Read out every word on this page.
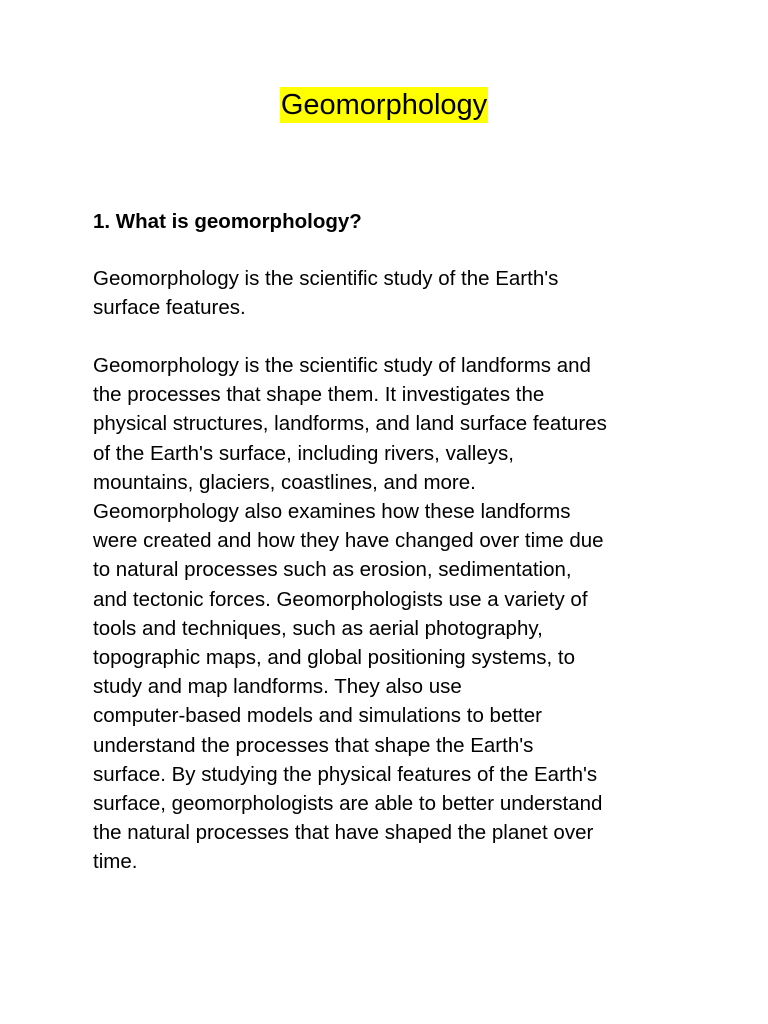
Geomorphology
1. What is geomorphology?
Geomorphology is the scientific study of the Earth's
surface features.
Geomorphology is the scientific study of landforms and
the processes that shape them. It investigates the
physical structures, landforms, and land surface features
of the Earth's surface, including rivers, valleys,
mountains, glaciers, coastlines, and more.
Geomorphology also examines how these landforms
were created and how they have changed over time due
to natural processes such as erosion, sedimentation,
and tectonic forces. Geomorphologists use a variety of
tools and techniques, such as aerial photography,
topographic maps, and global positioning systems, to
study and map landforms. They also use
computer-based models and simulations to better
understand the processes that shape the Earth's
surface. By studying the physical features of the Earth's
surface, geomorphologists are able to better understand
the natural processes that have shaped the planet over
time.
